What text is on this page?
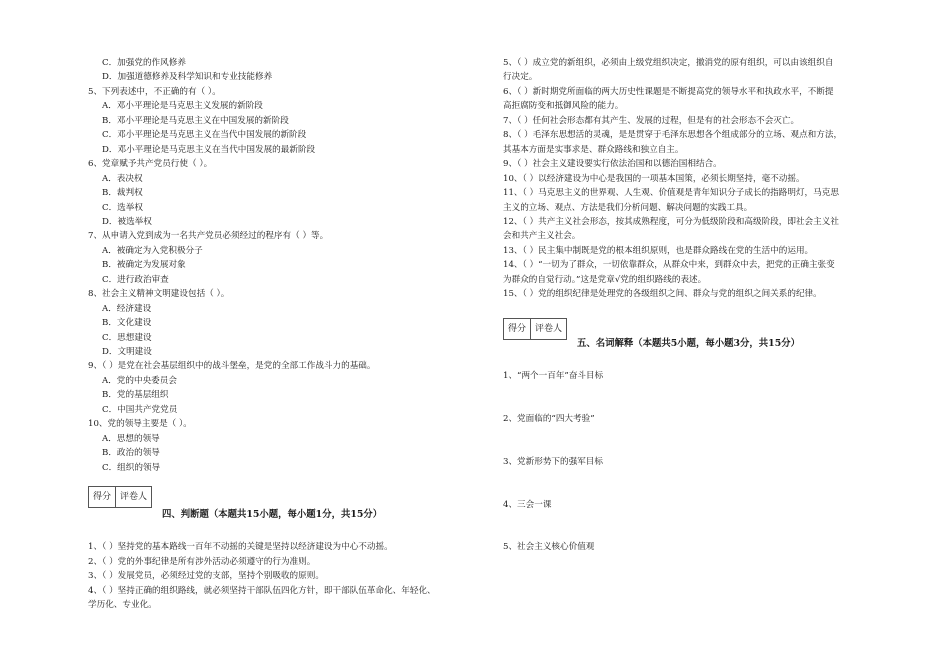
C．加强党的作风修养
D．加强道德修养及科学知识和专业技能修养
5、下列表述中，不正确的有（ ）。
A．邓小平理论是马克思主义发展的新阶段
B．邓小平理论是马克思主义在中国发展的新阶段
C．邓小平理论是马克思主义在当代中国发展的新阶段
D．邓小平理论是马克思主义在当代中国发展的最新阶段
6、党章赋予共产党员行使（ ）。
A．表决权
B．裁判权
C．选举权
D．被选举权
7、从申请入党到成为一名共产党员必须经过的程序有（ ）等。
A．被确定为入党积极分子
B．被确定为发展对象
C．进行政治审查
8、社会主义精神文明建设包括（ ）。
A．经济建设
B．文化建设
C．思想建设
D．文明建设
9、（ ）是党在社会基层组织中的战斗堡垒，是党的全部工作战斗力的基础。
A．党的中央委员会
B．党的基层组织
C．中国共产党党员
10、党的领导主要是（ ）。
A．思想的领导
B．政治的领导
C．组织的领导
1、（ ）坚持党的基本路线一百年不动摇的关键是坚持以经济建设为中心不动摇。
2、（ ）党的外事纪律是所有涉外活动必须遵守的行为准则。
3、（ ）发展党员，必须经过党的支部，坚持个别吸收的原则。
4、（ ）坚持正确的组织路线，就必须坚持干部队伍四化方针，即干部队伍革命化、年轻化、
学历化、专业化。
5、（ ）成立党的新组织，必须由上级党组织决定，撤消党的原有组织，可以由该组织自
行决定。
6、（ ）新时期党所面临的两大历史性课题是不断提高党的领导水平和执政水平，不断提
高拒腐防变和抵御风险的能力。
7、（ ）任何社会形态都有其产生、发展的过程，但是有的社会形态不会灭亡。
8、（ ）毛泽东思想活的灵魂，是是贯穿于毛泽东思想各个组成部分的立场、观点和方法，
其基本方面是实事求是、群众路线和独立自主。
9、（ ）社会主义建设要实行依法治国和以德治国相结合。
10、（ ）以经济建设为中心是我国的一项基本国策，必须长期坚持，毫不动摇。
11、（ ）马克思主义的世界观、人生观、价值观是青年知识分子成长的指路明灯，马克思
主义的立场、观点、方法是我们分析问题、解决问题的实践工具。
12、（ ）共产主义社会形态，按其成熟程度，可分为低级阶段和高级阶段，即社会主义社
会和共产主义社会。
13、（ ）民主集中制既是党的根本组织原则，也是群众路线在党的生活中的运用。
14、（ ）“一切为了群众，一切依靠群众，从群众中来，到群众中去，把党的正确主张变
为群众的自觉行动。”这是党章√党的组织路线的表述。
15、（ ）党的组织纪律是处理党的各级组织之间、群众与党的组织之间关系的纪律。
1、“两个一百年”奋斗目标
2、党面临的“四大考验”
3、党新形势下的强军目标
4、三会一课
5、社会主义核心价值观
得分	评卷人
四、判断题（本题共15小题，每小题1分，共15分）
得分	评卷人
五、名词解释（本题共5小题，每小题3分，共15分）
